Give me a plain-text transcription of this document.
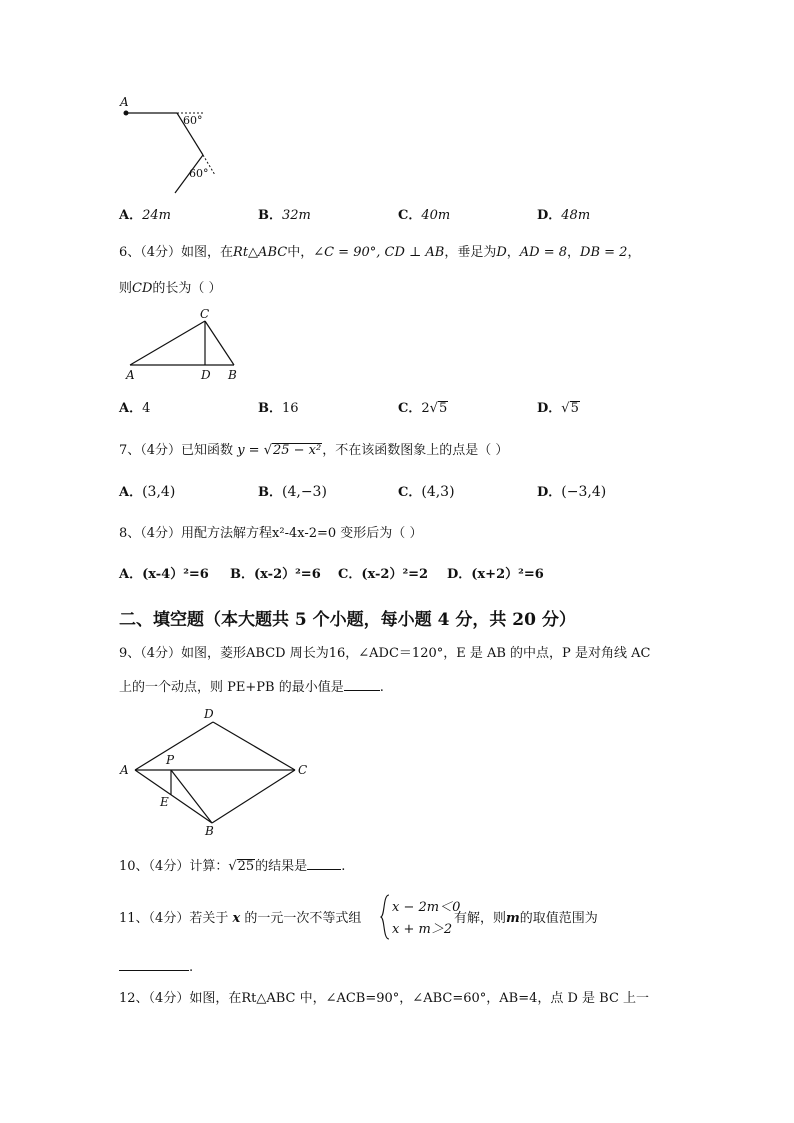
A
60°
60°
A．24m	B．32m	C．40m	D．48m
6、（4分）如图，在Rt△ABC中，∠C = 90°, CD ⊥ AB，垂足为D，AD = 8，DB = 2，
则CD的长为（ ）
C
A	D B
A．4	B．16	C．2√5	D．√5
7、（4分）已知函数 y = √25 − x²，不在该函数图象上的点是（ ）
A．(3,4)	B．(4,−3)	C．(4,3)	D．(−3,4)
8、（4分）用配方法解方程x²-4x-2=0 变形后为（ ）
A．(x-4）²=6 B．(x-2）²=6 C．(x-2）²=2 D．(x+2）²=6
二、填空题（本大题共 5 个小题，每小题 4 分，共 20 分）
9、（4分）如图，菱形ABCD 周长为16，∠ADC＝120°，E 是 AB 的中点，P 是对角线 AC
上的一个动点，则 PE+PB 的最小值是	.
D
A
P
C
E
B
10、（4分）计算：√25的结果是	.
11、（4分）若关于 x 的一元一次不等式组
x − 2m＜0
x + m＞2
有解，则m的取值范围为
.
12、（4分）如图，在Rt△ABC 中，∠ACB=90°，∠ABC=60°，AB=4，点 D 是 BC 上一
